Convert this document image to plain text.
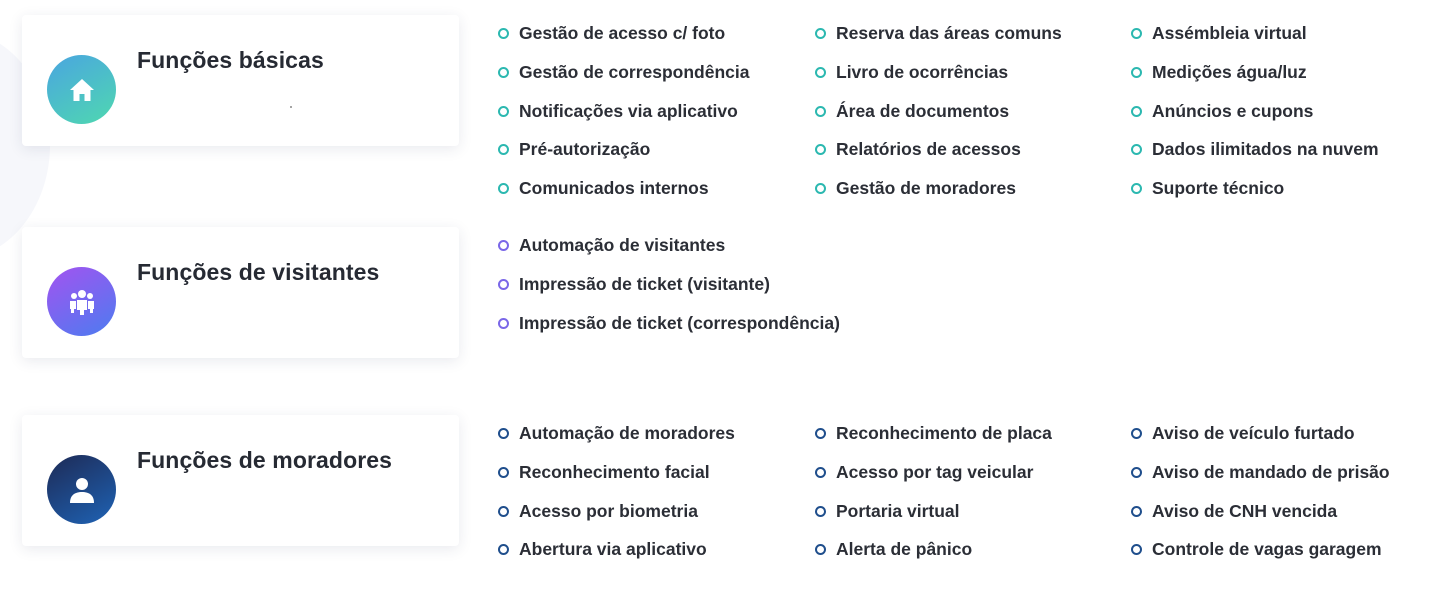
Funções básicas
Funções de visitantes
Funções de moradores
Gestão de acesso c/ foto
Gestão de correspondência
Notificações via aplicativo
Pré-autorização
Comunicados internos
Reserva das áreas comuns
Livro de ocorrências
Área de documentos
Relatórios de acessos
Gestão de moradores
Assémbleia virtual
Medições água/luz
Anúncios e cupons
Dados ilimitados na nuvem
Suporte técnico
Automação de visitantes
Impressão de ticket (visitante)
Impressão de ticket (correspondência)
Automação de moradores
Reconhecimento facial
Acesso por biometria
Abertura via aplicativo
Reconhecimento de placa
Acesso por tag veicular
Portaria virtual
Alerta de pânico
Aviso de veículo furtado
Aviso de mandado de prisão
Aviso de CNH vencida
Controle de vagas garagem
